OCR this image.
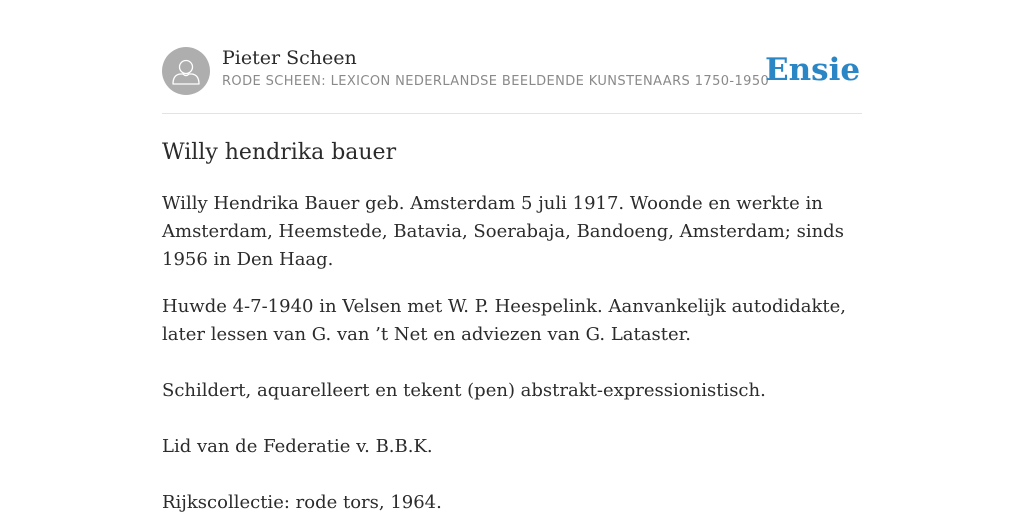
Pieter Scheen
RODE SCHEEN: LEXICON NEDERLANDSE BEELDENDE KUNSTENAARS 1750-1950
Ensie
Willy hendrika bauer

Willy Hendrika Bauer geb. Amsterdam 5 juli 1917. Woonde en werkte in Amsterdam, Heemstede, Batavia, Soerabaja, Bandoeng, Amsterdam; sinds 1956 in Den Haag.

Huwde 4-7-1940 in Velsen met W. P. Heespelink. Aanvankelijk autodidakte, later lessen van G. van ’t Net en adviezen van G. Lataster.

Schildert, aquarelleert en tekent (pen) abstrakt-expressionistisch.

Lid van de Federatie v. B.B.K.

Rijkscollectie: rode tors, 1964.
